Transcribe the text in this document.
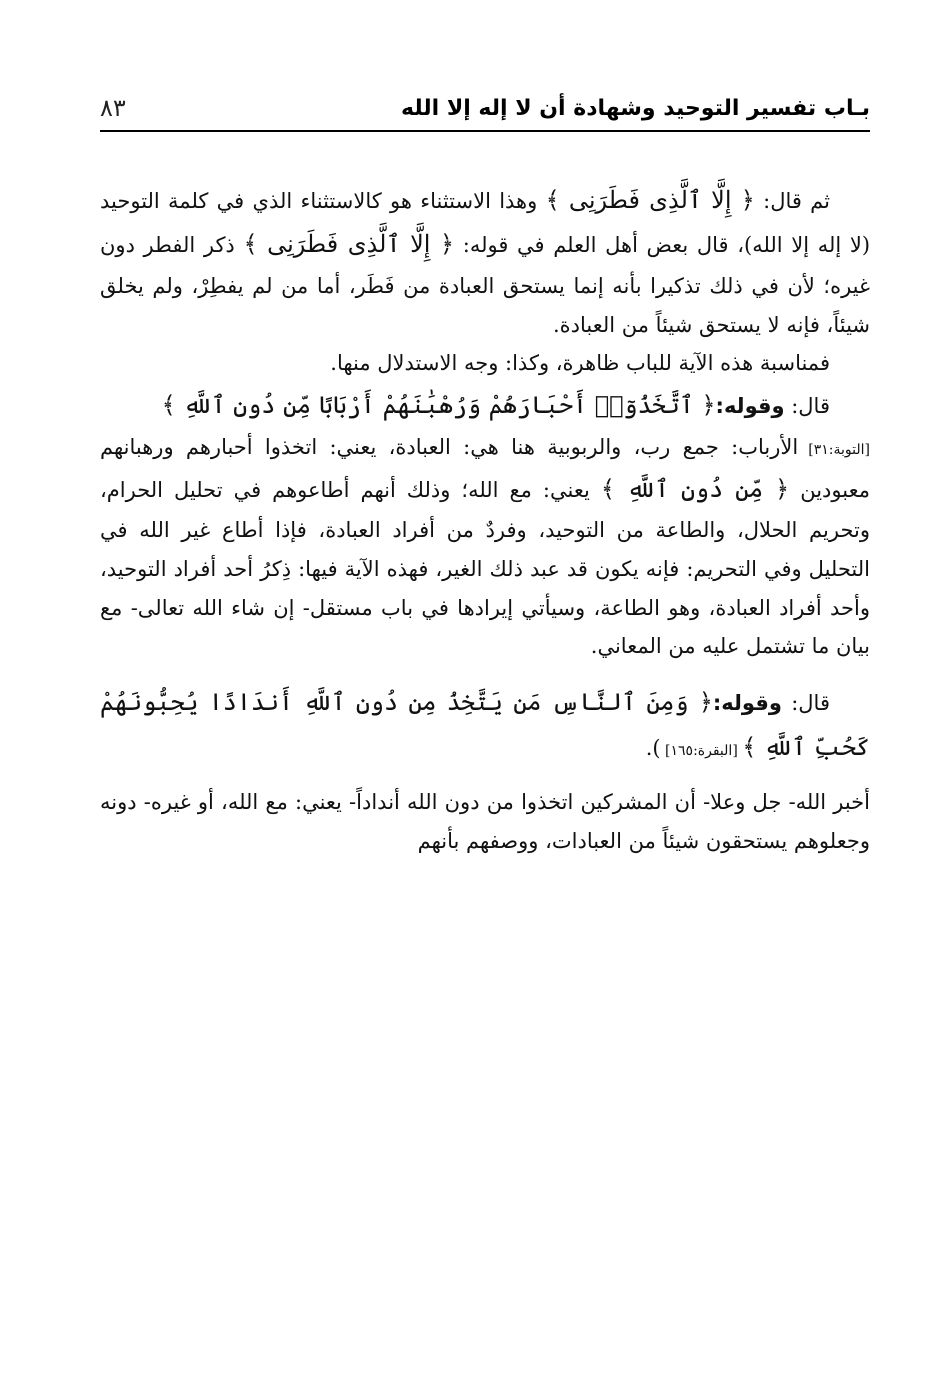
بـاب تفسير التوحيد وشهادة أن لا إله إلا الله
٨٣

ثم قال: ﴿ إِلَّا ٱلَّذِى فَطَرَنِى ﴾ وهذا الاستثناء هو كالاستثناء الذي في كلمة التوحيد (لا إله إلا الله)، قال بعض أهل العلم في قوله: ﴿ إِلَّا ٱلَّذِى فَطَرَنِى ﴾ ذكر الفطر دون غيره؛ لأن في ذلك تذكيرا بأنه إنما يستحق العبادة من فَطَر، أما من لم يفطِرْ، ولم يخلق شيئاً، فإنه لا يستحق شيئاً من العبادة.

فمناسبة هذه الآية للباب ظاهرة، وكذا: وجه الاستدلال منها.

قال: وقوله:﴿ ٱتَّخَذُوٓا۟ أَحْبَارَهُمْ وَرُهْبَٰنَهُمْ أَرْبَابًا مِّن دُونِ ٱللَّهِ ﴾
[التوبة:٣١] الأرباب: جمع رب، والربوبية هنا هي: العبادة، يعني: اتخذوا أحبارهم ورهبانهم معبودين ﴿ مِّن دُونِ ٱللَّهِ ﴾ يعني: مع الله؛ وذلك أنهم أطاعوهم في تحليل الحرام، وتحريم الحلال، والطاعة من التوحيد، وفردٌ من أفراد العبادة، فإذا أطاع غير الله في التحليل وفي التحريم: فإنه يكون قد عبد ذلك الغير، فهذه الآية فيها: ذِكرُ أحد أفراد التوحيد، وأحد أفراد العبادة، وهو الطاعة، وسيأتي إيرادها في باب مستقل- إن شاء الله تعالى- مع بيان ما تشتمل عليه من المعاني.

قال: وقوله:﴿ وَمِنَ ٱلنَّاسِ مَن يَتَّخِذُ مِن دُونِ ٱللَّهِ أَندَادًا يُحِبُّونَهُمْ كَحُبِّ ٱللَّهِ ﴾ [البقرة:١٦٥] ).

أخبر الله- جل وعلا- أن المشركين اتخذوا من دون الله أنداداً- يعني: مع الله، أو غيره- دونه وجعلوهم يستحقون شيئاً من العبادات، ووصفهم بأنهم
